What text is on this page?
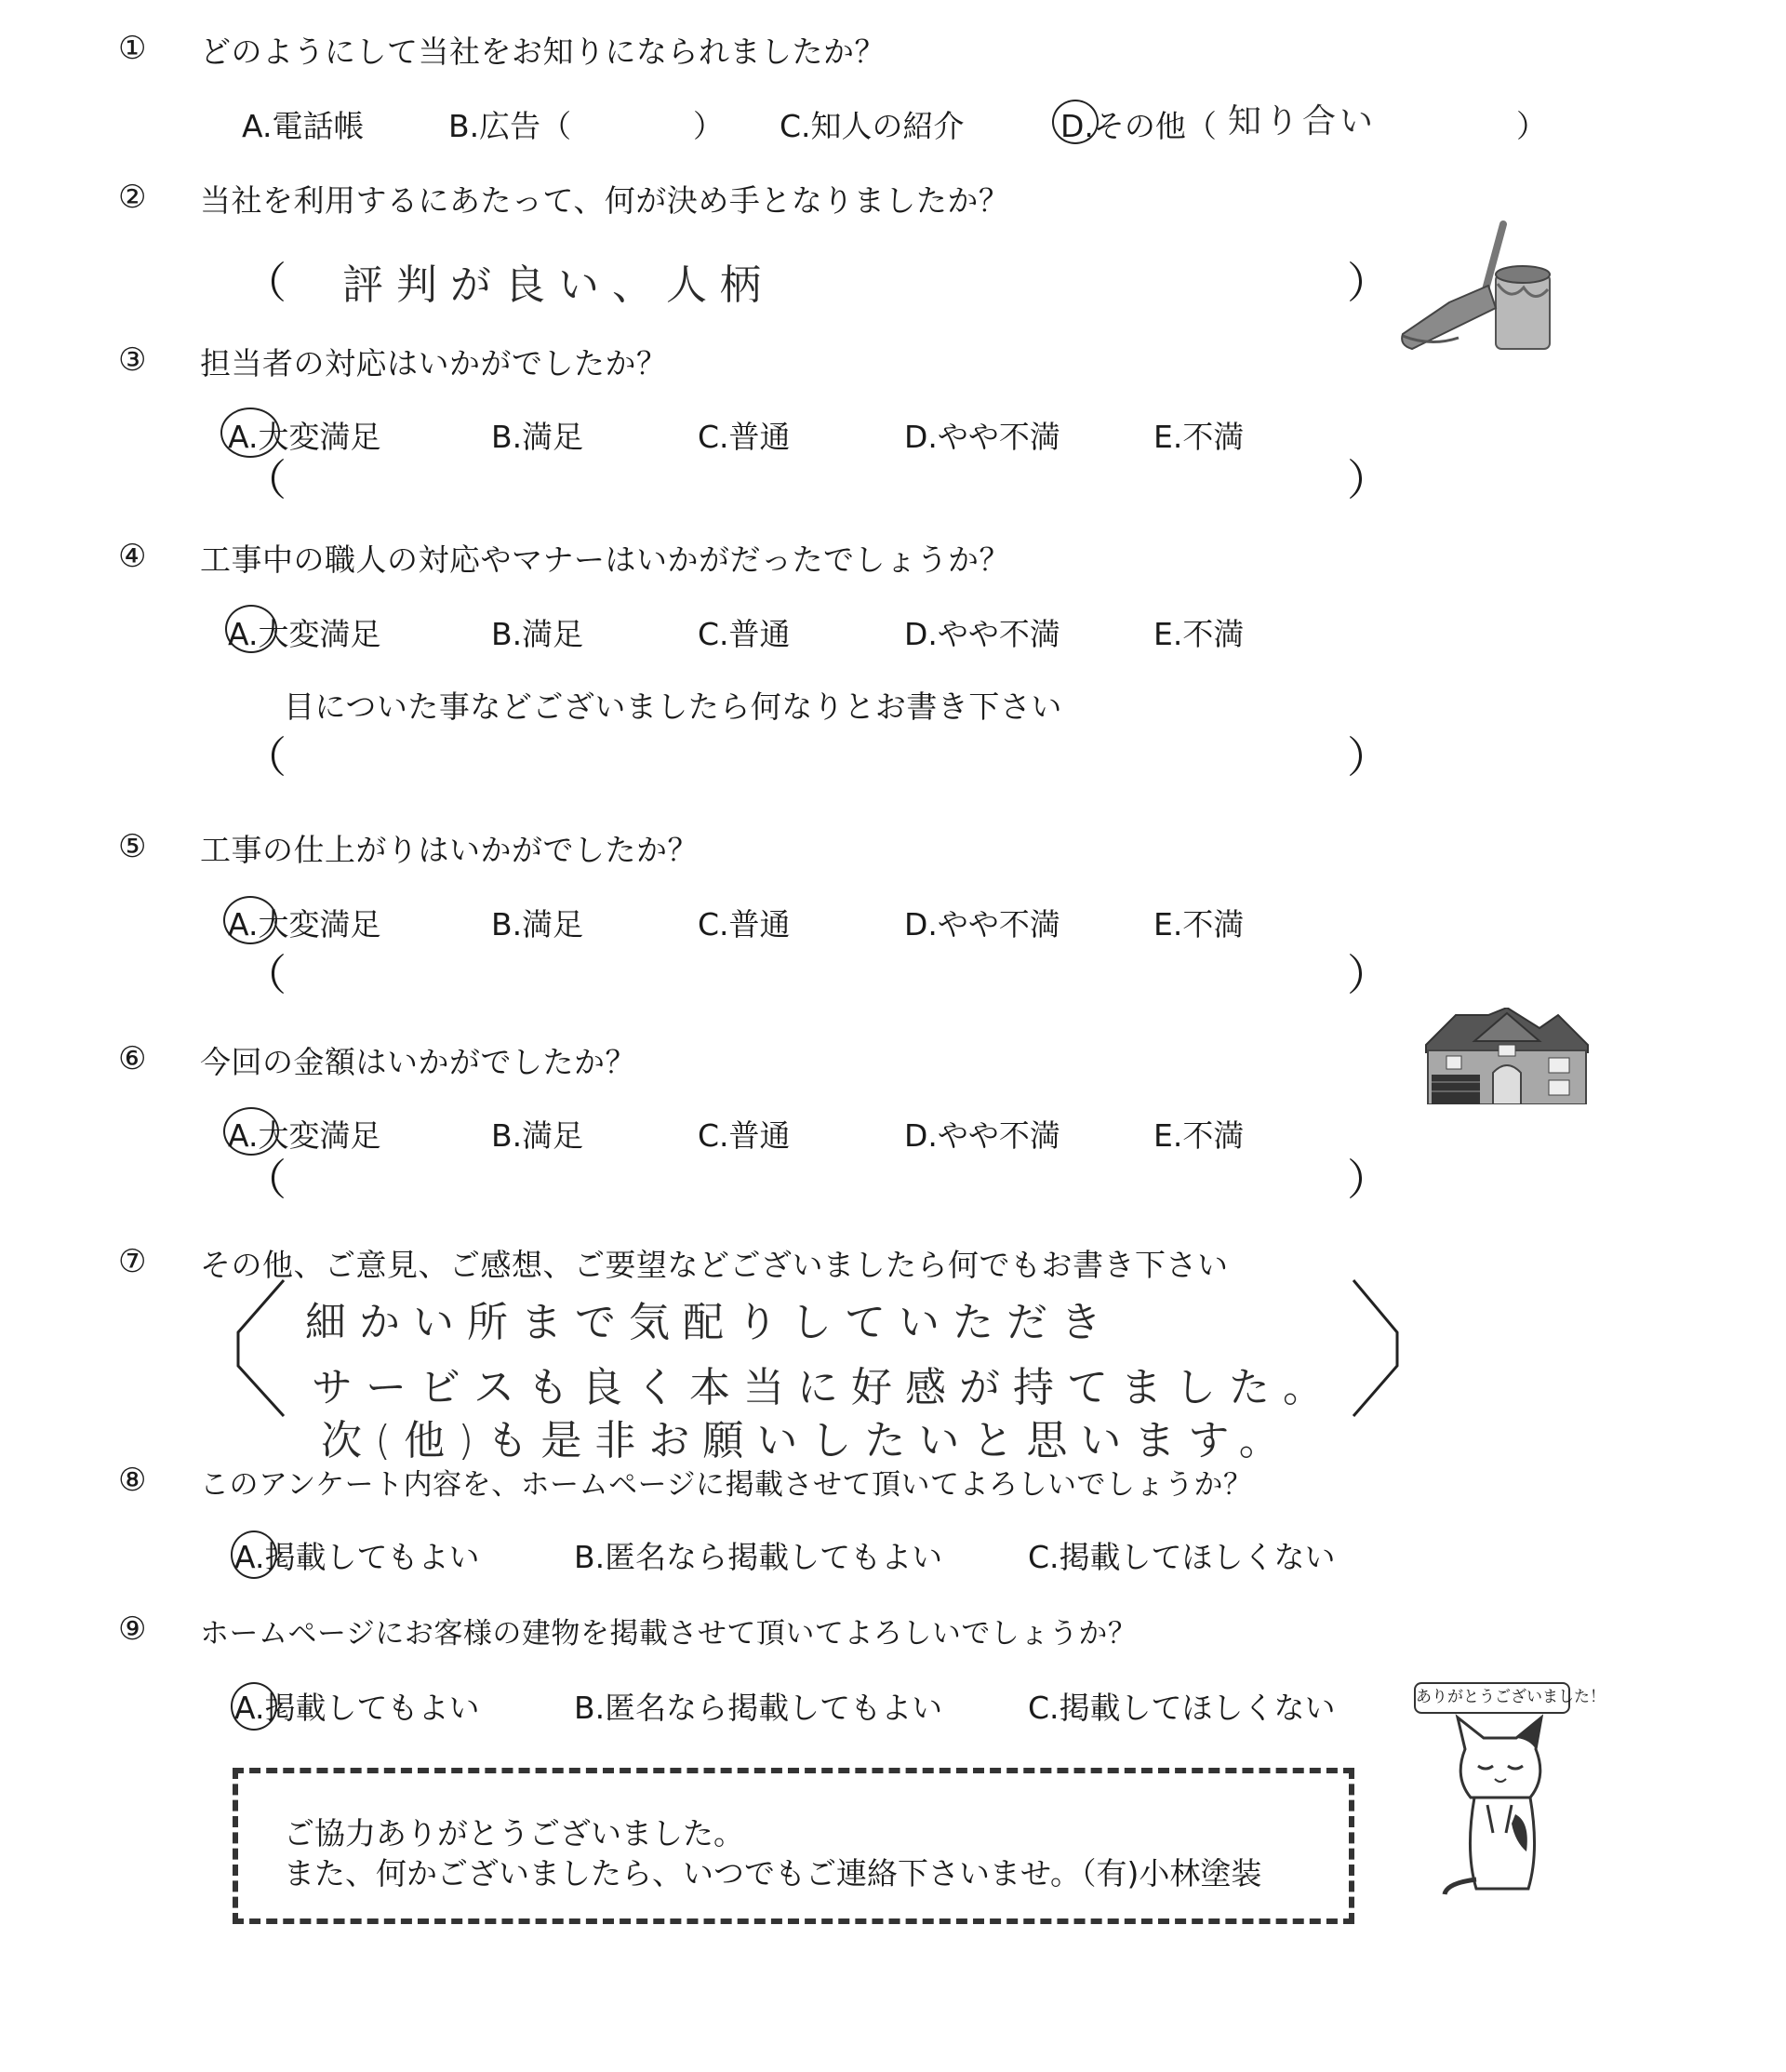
① どのようにして当社をお知りになられましたか？
A.電話帳	B.広告（	） C.知人の紹介	D.その他（ 知り合い	）
② 当社を利用するにあたって、何が決め手となりましたか？
（ 評判が良い、人柄	）
③ 担当者の対応はいかがでしたか？
A.大変満足	B.満足	C.普通	D.やや不満	E.不満
（	）
④ 工事中の職人の対応やマナーはいかがだったでしょうか？
A.大変満足	B.満足	C.普通	D.やや不満	E.不満
目についた事などございましたら何なりとお書き下さい
（	）
⑤ 工事の仕上がりはいかがでしたか？
A.大変満足	B.満足	C.普通	D.やや不満	E.不満
（	）
⑥ 今回の金額はいかがでしたか？
A.大変満足	B.満足	C.普通	D.やや不満	E.不満
（	）
⑦ その他、ご意見、ご感想、ご要望などございましたら何でもお書き下さい
細かい所まで気配りしていただき
サービスも良く本当に好感が持てました。
次(他)も是非お願いしたいと思います。
⑧ このアンケート内容を、ホームページに掲載させて頂いてよろしいでしょうか？
A.掲載してもよい	B.匿名なら掲載してもよい	C.掲載してほしくない
⑨ ホームページにお客様の建物を掲載させて頂いてよろしいでしょうか？
A.掲載してもよい	B.匿名なら掲載してもよい	C.掲載してほしくない	ありがとうございました！
ご協力ありがとうございました。
また、何かございましたら、いつでもご連絡下さいませ。（有)小林塗装
